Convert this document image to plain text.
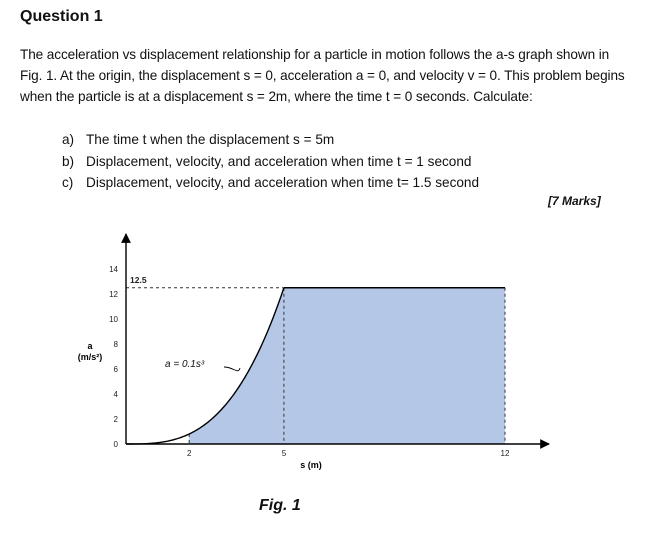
Question 1
The acceleration vs displacement relationship for a particle in motion follows the a-s graph shown in Fig. 1. At the origin, the displacement s = 0, acceleration a = 0, and velocity v = 0. This problem begins when the particle is at a displacement s = 2m, where the time t = 0 seconds. Calculate:
a) The time t when the displacement s = 5m
b) Displacement, velocity, and acceleration when time t = 1 second
c) Displacement, velocity, and acceleration when time t= 1.5 second
[7 Marks]
0
2
4
6
8
10
12
14
2	5	12
12.5
a
(m/s²)
s (m)
a = 0.1s³
Fig. 1
